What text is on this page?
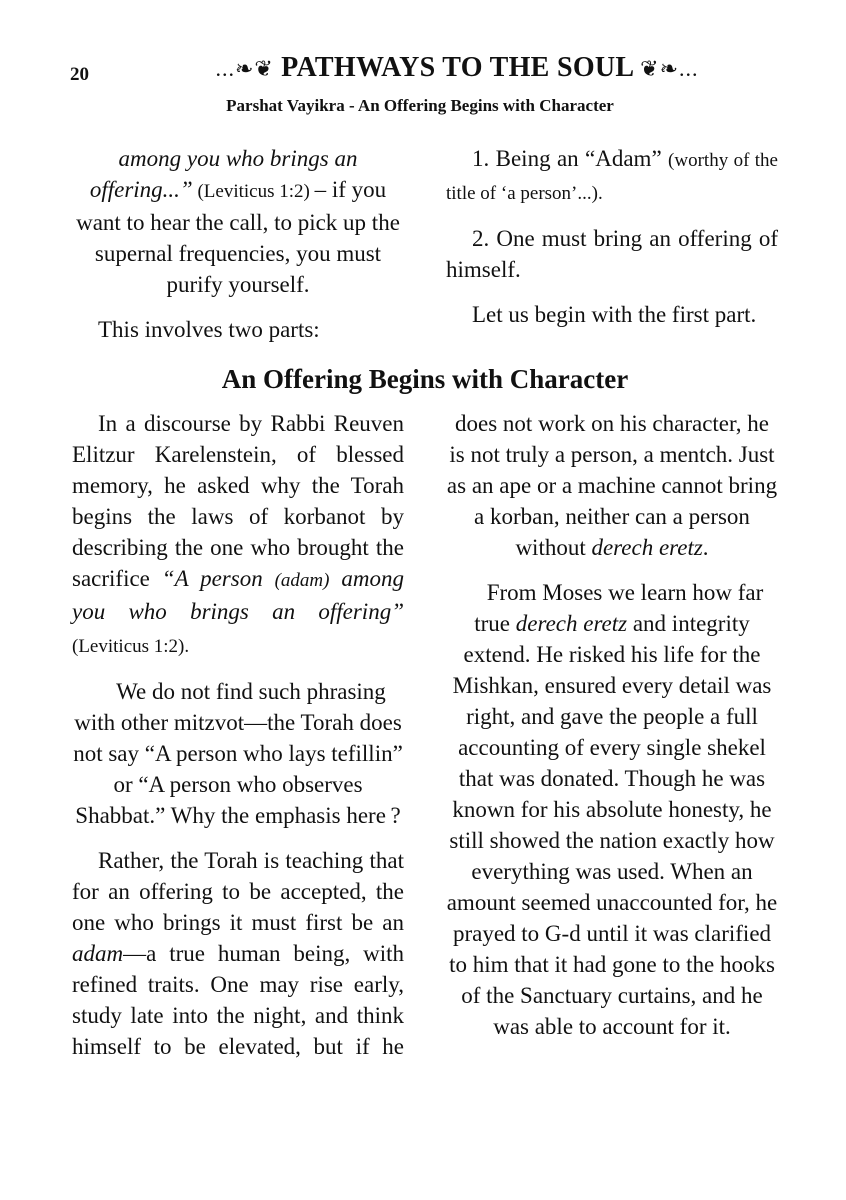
20	...❧❦ PATHWAYS TO THE SOUL ❦❧...
Parshat Vayikra - An Offering Begins with Character

among you who brings an offering...” (Leviticus 1:2) – if you want to hear the call, to pick up the supernal frequencies, you must purify yourself.

This involves two parts:

1. Being an “Adam” (worthy of the title of ‘a person’...).

2. One must bring an offering of himself.

Let us begin with the first part.

An Offering Begins with Character

In a discourse by Rabbi Reuven Elitzur Karelenstein, of blessed memory, he asked why the Torah begins the laws of korbanot by describing the one who brought the sacrifice “A person (adam) among you who brings an offering” (Leviticus 1:2).

We do not find such phrasing with other mitzvot—the Torah does not say “A person who lays tefillin” or “A person who observes Shabbat.” Why the emphasis here ?

Rather, the Torah is teaching that for an offering to be accepted, the one who brings it must first be an adam—a true human being, with refined traits. One may rise early, study late into the night, and think himself to be elevated, but if he

does not work on his character, he is not truly a person, a mentch. Just as an ape or a machine cannot bring a korban, neither can a person without derech eretz.

From Moses we learn how far true derech eretz and integrity extend. He risked his life for the Mishkan, ensured every detail was right, and gave the people a full accounting of every single shekel that was donated. Though he was known for his absolute honesty, he still showed the nation exactly how everything was used. When an amount seemed unaccounted for, he prayed to G-d until it was clarified to him that it had gone to the hooks of the Sanctuary curtains, and he was able to account for it.
